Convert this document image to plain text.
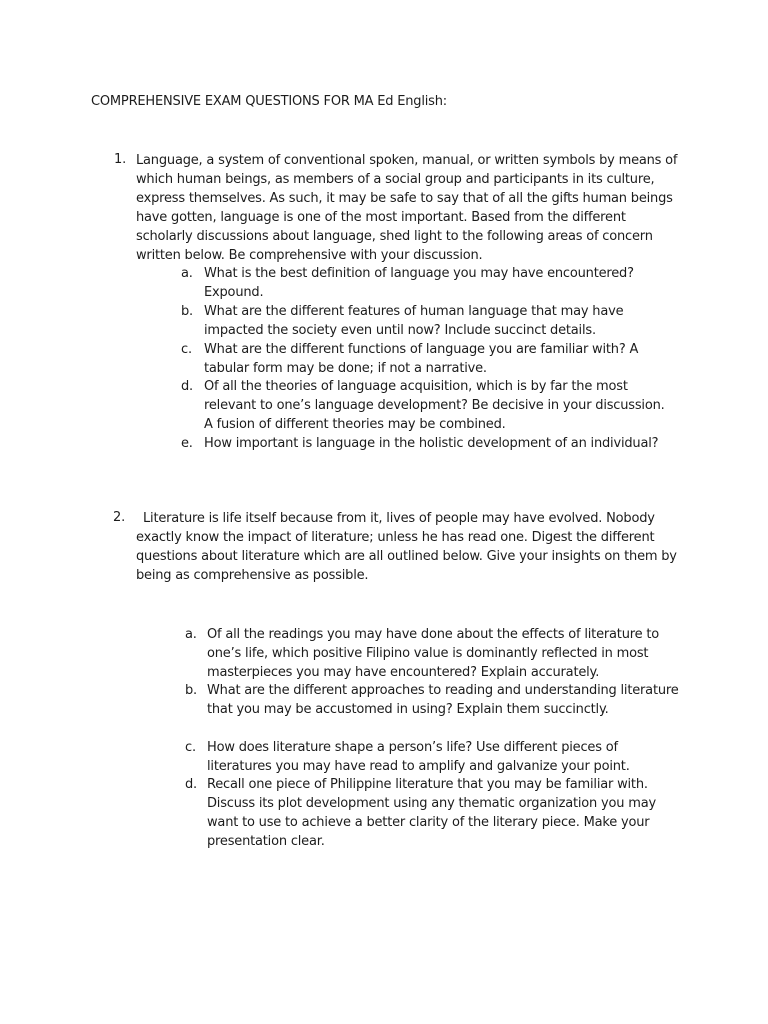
COMPREHENSIVE EXAM QUESTIONS FOR MA Ed English:
1. Language, a system of conventional spoken, manual, or written symbols by means of which human beings, as members of a social group and participants in its culture, express themselves. As such, it may be safe to say that of all the gifts human beings have gotten, language is one of the most important. Based from the different scholarly discussions about language, shed light to the following areas of concern written below. Be comprehensive with your discussion.
a. What is the best definition of language you may have encountered? Expound.
b. What are the different features of human language that may have impacted the society even until now? Include succinct details.
c. What are the different functions of language you are familiar with? A tabular form may be done; if not a narrative.
d. Of all the theories of language acquisition, which is by far the most relevant to one’s language development? Be decisive in your discussion. A fusion of different theories may be combined.
e. How important is language in the holistic development of an individual?
2.	Literature is life itself because from it, lives of people may have evolved. Nobody exactly know the impact of literature; unless he has read one. Digest the different questions about literature which are all outlined below. Give your insights on them by being as comprehensive as possible.
a. Of all the readings you may have done about the effects of literature to one’s life, which positive Filipino value is dominantly reflected in most masterpieces you may have encountered? Explain accurately.
b. What are the different approaches to reading and understanding literature that you may be accustomed in using? Explain them succinctly.
c. How does literature shape a person’s life? Use different pieces of literatures you may have read to amplify and galvanize your point.
d. Recall one piece of Philippine literature that you may be familiar with. Discuss its plot development using any thematic organization you may want to use to achieve a better clarity of the literary piece. Make your presentation clear.
